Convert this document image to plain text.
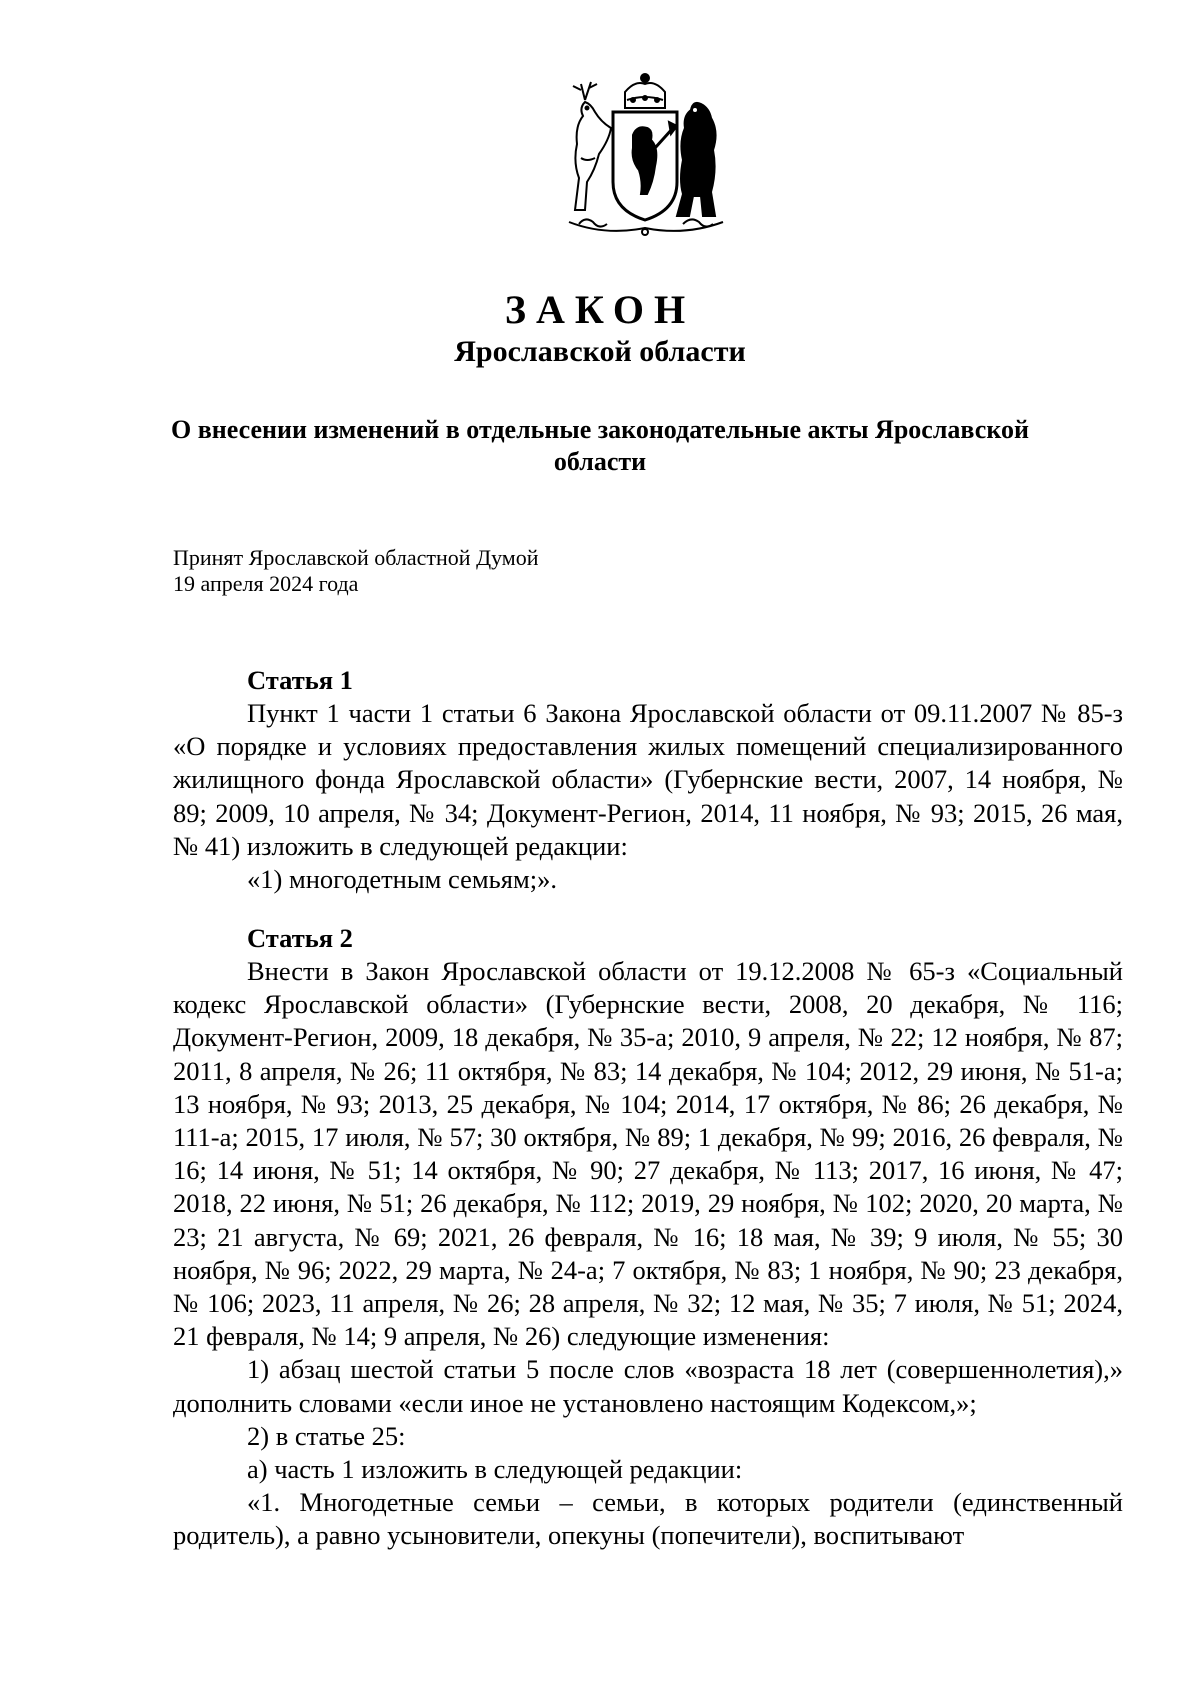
ЗАКОН
Ярославской области
О внесении изменений в отдельные законодательные акты Ярославской области
Принят Ярославской областной Думой
19 апреля 2024 года
Статья 1

Пункт 1 части 1 статьи 6 Закона Ярославской области от 09.11.2007 № 85-з «О порядке и условиях предоставления жилых помещений специализированного жилищного фонда Ярославской области» (Губернские вести, 2007, 14 ноября, № 89; 2009, 10 апреля, № 34; Документ-Регион, 2014, 11 ноября, № 93; 2015, 26 мая, № 41) изложить в следующей редакции:

«1) многодетным семьям;».

Статья 2

Внести в Закон Ярославской области от 19.12.2008 № 65-з «Социальный кодекс Ярославской области» (Губернские вести, 2008, 20 декабря, № 116; Документ-Регион, 2009, 18 декабря, № 35-а; 2010, 9 апреля, № 22; 12 ноября, № 87; 2011, 8 апреля, № 26; 11 октября, № 83; 14 декабря, № 104; 2012, 29 июня, № 51-а; 13 ноября, № 93; 2013, 25 декабря, № 104; 2014, 17 октября, № 86; 26 декабря, № 111-а; 2015, 17 июля, № 57; 30 октября, № 89; 1 декабря, № 99; 2016, 26 февраля, № 16; 14 июня, № 51; 14 октября, № 90; 27 декабря, № 113; 2017, 16 июня, № 47; 2018, 22 июня, № 51; 26 декабря, № 112; 2019, 29 ноября, № 102; 2020, 20 марта, № 23; 21 августа, № 69; 2021, 26 февраля, № 16; 18 мая, № 39; 9 июля, № 55; 30 ноября, № 96; 2022, 29 марта, № 24-а; 7 октября, № 83; 1 ноября, № 90; 23 декабря, № 106; 2023, 11 апреля, № 26; 28 апреля, № 32; 12 мая, № 35; 7 июля, № 51; 2024, 21 февраля, № 14; 9 апреля, № 26) следующие изменения:

1) абзац шестой статьи 5 после слов «возраста 18 лет (совершеннолетия),» дополнить словами «если иное не установлено настоящим Кодексом,»;

2) в статье 25:

а) часть 1 изложить в следующей редакции:

«1. Многодетные семьи – семьи, в которых родители (единственный родитель), а равно усыновители, опекуны (попечители), воспитывают
